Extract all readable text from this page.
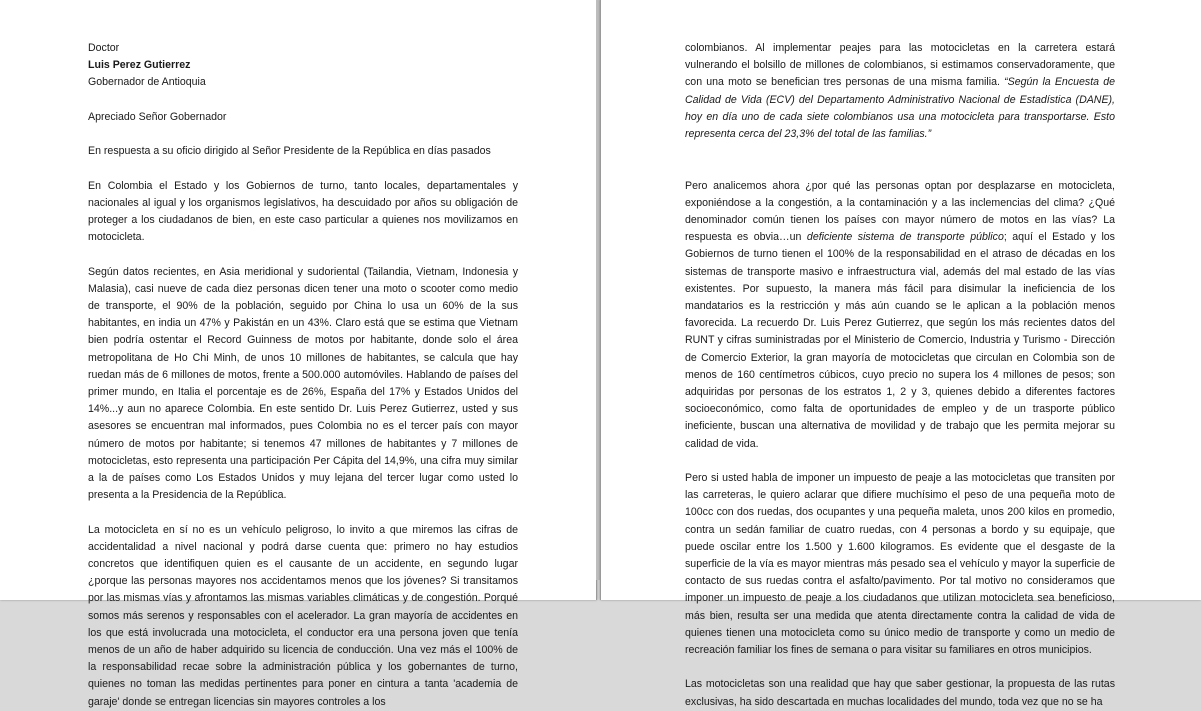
Doctor
Luis Perez Gutierrez
Gobernador de Antioquia

Apreciado Señor Gobernador

En respuesta a su oficio dirigido al Señor Presidente de la República en días pasados

En Colombia el Estado y los Gobiernos de turno, tanto locales, departamentales y nacionales al igual y los organismos legislativos, ha descuidado por años su obligación de proteger a los ciudadanos de bien, en este caso particular a quienes nos movilizamos en motocicleta.

Según datos recientes, en Asia meridional y sudoriental (Tailandia, Vietnam, Indonesia y Malasia), casi nueve de cada diez personas dicen tener una moto o scooter como medio de transporte, el 90% de la población, seguido por China lo usa un 60% de la sus habitantes, en india un 47% y Pakistán en un 43%. Claro está que se estima que Vietnam bien podría ostentar el Record Guinness de motos por habitante, donde solo el área metropolitana de Ho Chi Minh, de unos 10 millones de habitantes, se calcula que hay ruedan más de 6 millones de motos, frente a 500.000 automóviles. Hablando de países del primer mundo, en Italia el porcentaje es de 26%, España del 17% y Estados Unidos del 14%...y aun no aparece Colombia. En este sentido Dr. Luis Perez Gutierrez, usted y sus asesores se encuentran mal informados, pues Colombia no es el tercer país con mayor número de motos por habitante; si tenemos 47 millones de habitantes y 7 millones de motocicletas, esto representa una participación Per Cápita del 14,9%, una cifra muy similar a la de países como Los Estados Unidos y muy lejana del tercer lugar como usted lo presenta a la Presidencia de la República.

La motocicleta en sí no es un vehículo peligroso, lo invito a que miremos las cifras de accidentalidad a nivel nacional y podrá darse cuenta que: primero no hay estudios concretos que identifiquen quien es el causante de un accidente, en segundo lugar ¿porque las personas mayores nos accidentamos menos que los jóvenes? Si transitamos por las mismas vías y afrontamos las mismas variables climáticas y de congestión. Porqué somos más serenos y responsables con el acelerador. La gran mayoría de accidentes en los que está involucrada una motocicleta, el conductor era una persona joven que tenía menos de un año de haber adquirido su licencia de conducción. Una vez más el 100% de la responsabilidad recae sobre la administración pública y los gobernantes de turno, quienes no toman las medidas pertinentes para poner en cintura a tanta 'academia de garaje' donde se entregan licencias sin mayores controles a los

colombianos. Al implementar peajes para las motocicletas en la carretera estará vulnerando el bolsillo de millones de colombianos, si estimamos conservadoramente, que con una moto se benefician tres personas de una misma familia. “Según la Encuesta de Calidad de Vida (ECV) del Departamento Administrativo Nacional de Estadística (DANE), hoy en día uno de cada siete colombianos usa una motocicleta para transportarse. Esto representa cerca del 23,3% del total de las familias.”

Pero analicemos ahora ¿por qué las personas optan por desplazarse en motocicleta, exponiéndose a la congestión, a la contaminación y a las inclemencias del clima? ¿Qué denominador común tienen los países con mayor número de motos en las vías? La respuesta es obvia…un deficiente sistema de transporte público; aquí el Estado y los Gobiernos de turno tienen el 100% de la responsabilidad en el atraso de décadas en los sistemas de transporte masivo e infraestructura vial, además del mal estado de las vías existentes. Por supuesto, la manera más fácil para disimular la ineficiencia de los mandatarios es la restricción y más aún cuando se le aplican a la población menos favorecida. La recuerdo Dr. Luis Perez Gutierrez, que según los más recientes datos del RUNT y cifras suministradas por el Ministerio de Comercio, Industria y Turismo - Dirección de Comercio Exterior, la gran mayoría de motocicletas que circulan en Colombia son de menos de 160 centímetros cúbicos, cuyo precio no supera los 4 millones de pesos; son adquiridas por personas de los estratos 1, 2 y 3, quienes debido a diferentes factores socioeconómico, como falta de oportunidades de empleo y de un trasporte público ineficiente, buscan una alternativa de movilidad y de trabajo que les permita mejorar su calidad de vida.

Pero si usted habla de imponer un impuesto de peaje a las motocicletas que transiten por las carreteras, le quiero aclarar que difiere muchísimo el peso de una pequeña moto de 100cc con dos ruedas, dos ocupantes y una pequeña maleta, unos 200 kilos en promedio, contra un sedán familiar de cuatro ruedas, con 4 personas a bordo y su equipaje, que puede oscilar entre los 1.500 y 1.600 kilogramos. Es evidente que el desgaste de la superficie de la vía es mayor mientras más pesado sea el vehículo y mayor la superficie de contacto de sus ruedas contra el asfalto/pavimento. Por tal motivo no consideramos que imponer un impuesto de peaje a los ciudadanos que utilizan motocicleta sea beneficioso, más bien, resulta ser una medida que atenta directamente contra la calidad de vida de quienes tienen una motocicleta como su único medio de transporte y como un medio de recreación familiar los fines de semana o para visitar su familiares en otros municipios.

Las motocicletas son una realidad que hay que saber gestionar, la propuesta de las rutas exclusivas, ha sido descartada en muchas localidades del mundo, toda vez que no se ha
